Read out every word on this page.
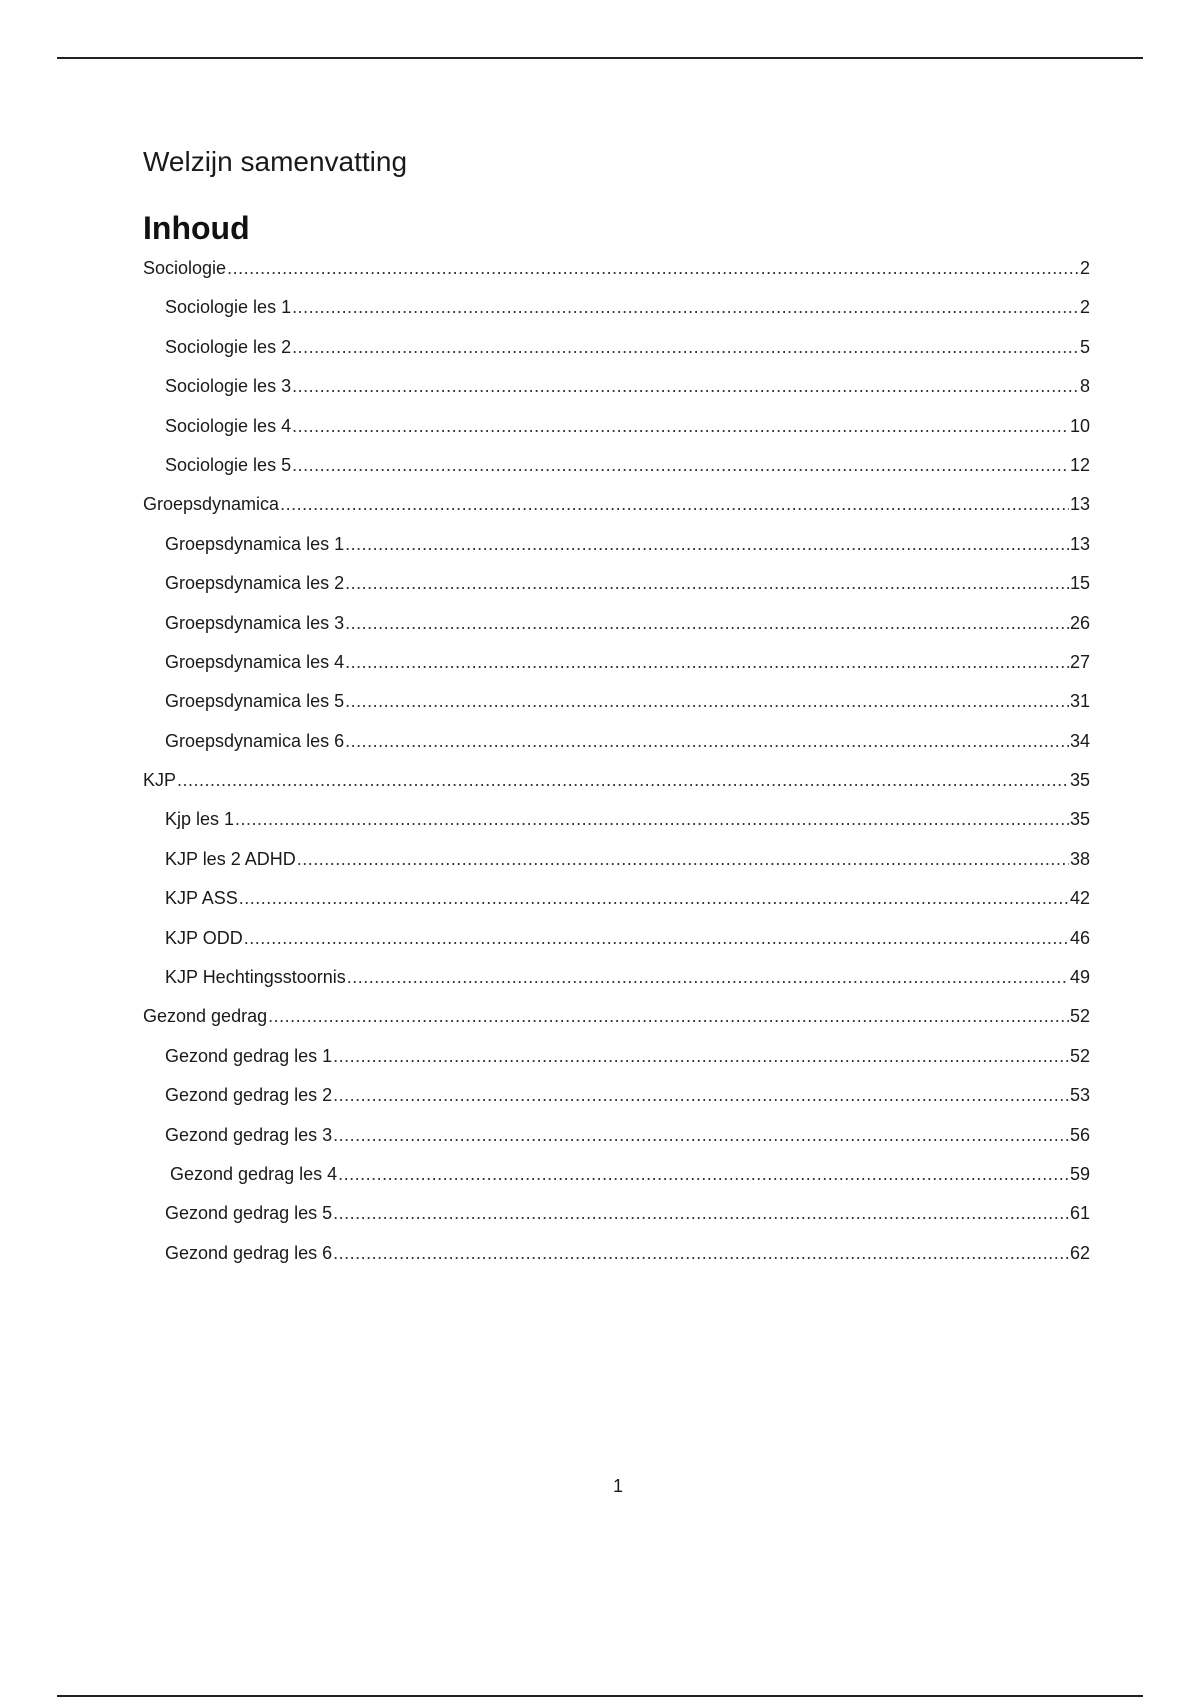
Welzijn samenvatting
Inhoud
Sociologie .....	2
Sociologie les 1 .....	2
Sociologie les 2 .....	5
Sociologie les 3 .....	8
Sociologie les 4 .....	10
Sociologie les 5 .....	12
Groepsdynamica .....	13
Groepsdynamica les 1 .....	13
Groepsdynamica les 2 .....	15
Groepsdynamica les 3 .....	26
Groepsdynamica les 4 .....	27
Groepsdynamica les 5 .....	31
Groepsdynamica les 6 .....	34
KJP .....	35
Kjp les 1 .....	35
KJP les 2 ADHD .....	38
KJP ASS .....	42
KJP ODD .....	46
KJP Hechtingsstoornis .....	49
Gezond gedrag .....	52
Gezond gedrag les 1 .....	52
Gezond gedrag les 2 .....	53
Gezond gedrag les 3 .....	56
Gezond gedrag les 4 .....	59
Gezond gedrag les 5 .....	61
Gezond gedrag les 6 .....	62
1
